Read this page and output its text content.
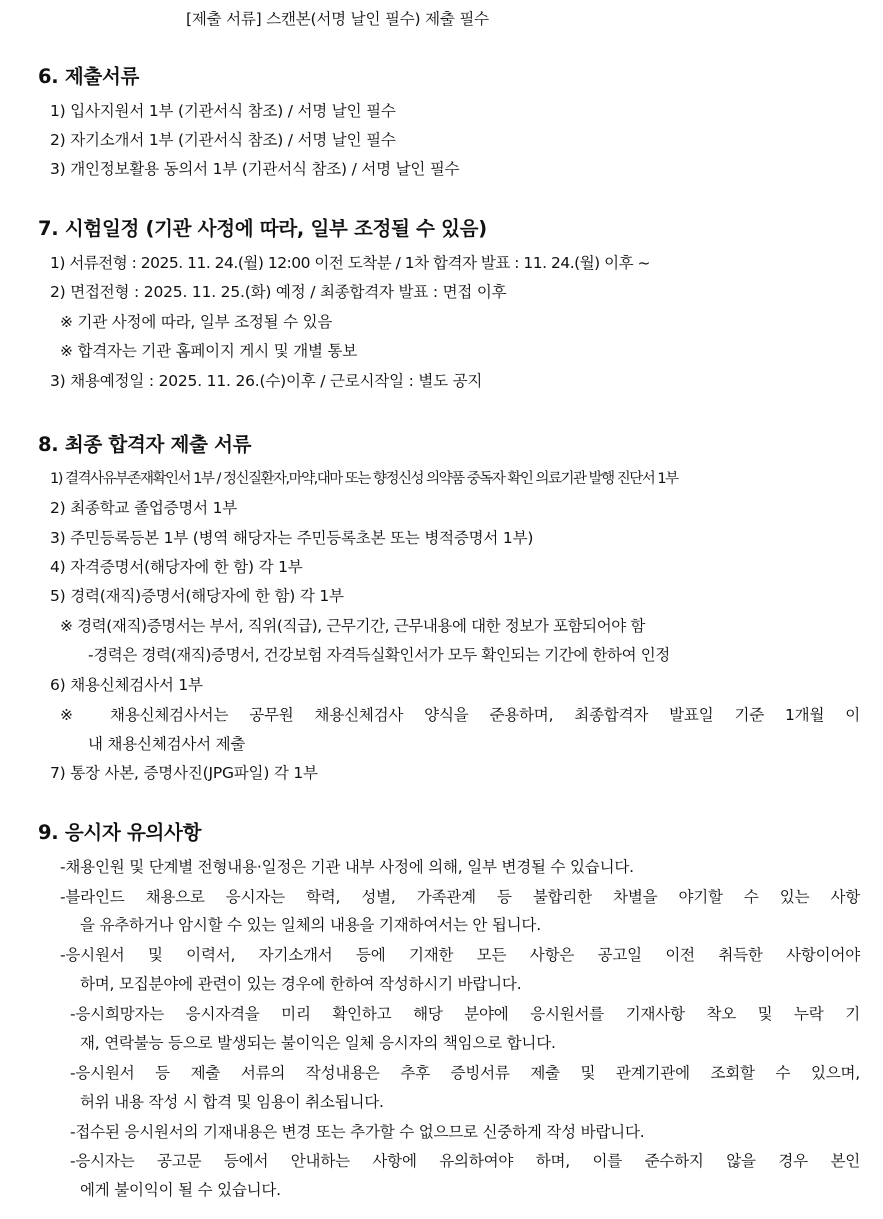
[제출 서류] 스캔본(서명 날인 필수) 제출 필수
6. 제출서류
1) 입사지원서 1부 (기관서식 참조) / 서명 날인 필수
2) 자기소개서 1부 (기관서식 참조) / 서명 날인 필수
3) 개인정보활용 동의서 1부 (기관서식 참조) / 서명 날인 필수
7. 시험일정 (기관 사정에 따라, 일부 조정될 수 있음)
1) 서류전형 : 2025. 11. 24.(월) 12:00 이전 도착분 / 1차 합격자 발표 : 11. 24.(월) 이후 ~
2) 면접전형 : 2025. 11. 25.(화) 예정 / 최종합격자 발표 : 면접 이후
※ 기관 사정에 따라, 일부 조정될 수 있음
※ 합격자는 기관 홈페이지 게시 및 개별 통보
3) 채용예정일 : 2025. 11. 26.(수)이후 / 근로시작일 : 별도 공지
8. 최종 합격자 제출 서류
1) 결격사유부존재확인서 1부 / 정신질환자,마약,대마 또는 향정신성 의약품 중독자 확인 의료기관 발행 진단서 1부
2) 최종학교 졸업증명서 1부
3) 주민등록등본 1부 (병역 해당자는 주민등록초본 또는 병적증명서 1부)
4) 자격증명서(해당자에 한 함) 각 1부
5) 경력(재직)증명서(해당자에 한 함) 각 1부
※ 경력(재직)증명서는 부서, 직위(직급), 근무기간, 근무내용에 대한 정보가 포함되어야 함
-경력은 경력(재직)증명서, 건강보험 자격득실확인서가 모두 확인되는 기간에 한하여 인정
6) 채용신체검사서 1부
※ 채용신체검사서는 공무원 채용신체검사 양식을 준용하며, 최종합격자 발표일 기준 1개월 이
내 채용신체검사서 제출
7) 통장 사본, 증명사진(JPG파일) 각 1부
9. 응시자 유의사항
-채용인원 및 단계별 전형내용·일정은 기관 내부 사정에 의해, 일부 변경될 수 있습니다.
-블라인드 채용으로 응시자는 학력, 성별, 가족관계 등 불합리한 차별을 야기할 수 있는 사항
을 유추하거나 암시할 수 있는 일체의 내용을 기재하여서는 안 됩니다.
-응시원서 및 이력서, 자기소개서 등에 기재한 모든 사항은 공고일 이전 취득한 사항이어야
하며, 모집분야에 관련이 있는 경우에 한하여 작성하시기 바랍니다.
-응시희망자는 응시자격을 미리 확인하고 해당 분야에 응시원서를 기재사항 착오 및 누락 기
재, 연락불능 등으로 발생되는 불이익은 일체 응시자의 책임으로 합니다.
-응시원서 등 제출 서류의 작성내용은 추후 증빙서류 제출 및 관계기관에 조회할 수 있으며,
허위 내용 작성 시 합격 및 임용이 취소됩니다.
-접수된 응시원서의 기재내용은 변경 또는 추가할 수 없으므로 신중하게 작성 바랍니다.
-응시자는 공고문 등에서 안내하는 사항에 유의하여야 하며, 이를 준수하지 않을 경우 본인
에게 불이익이 될 수 있습니다.
